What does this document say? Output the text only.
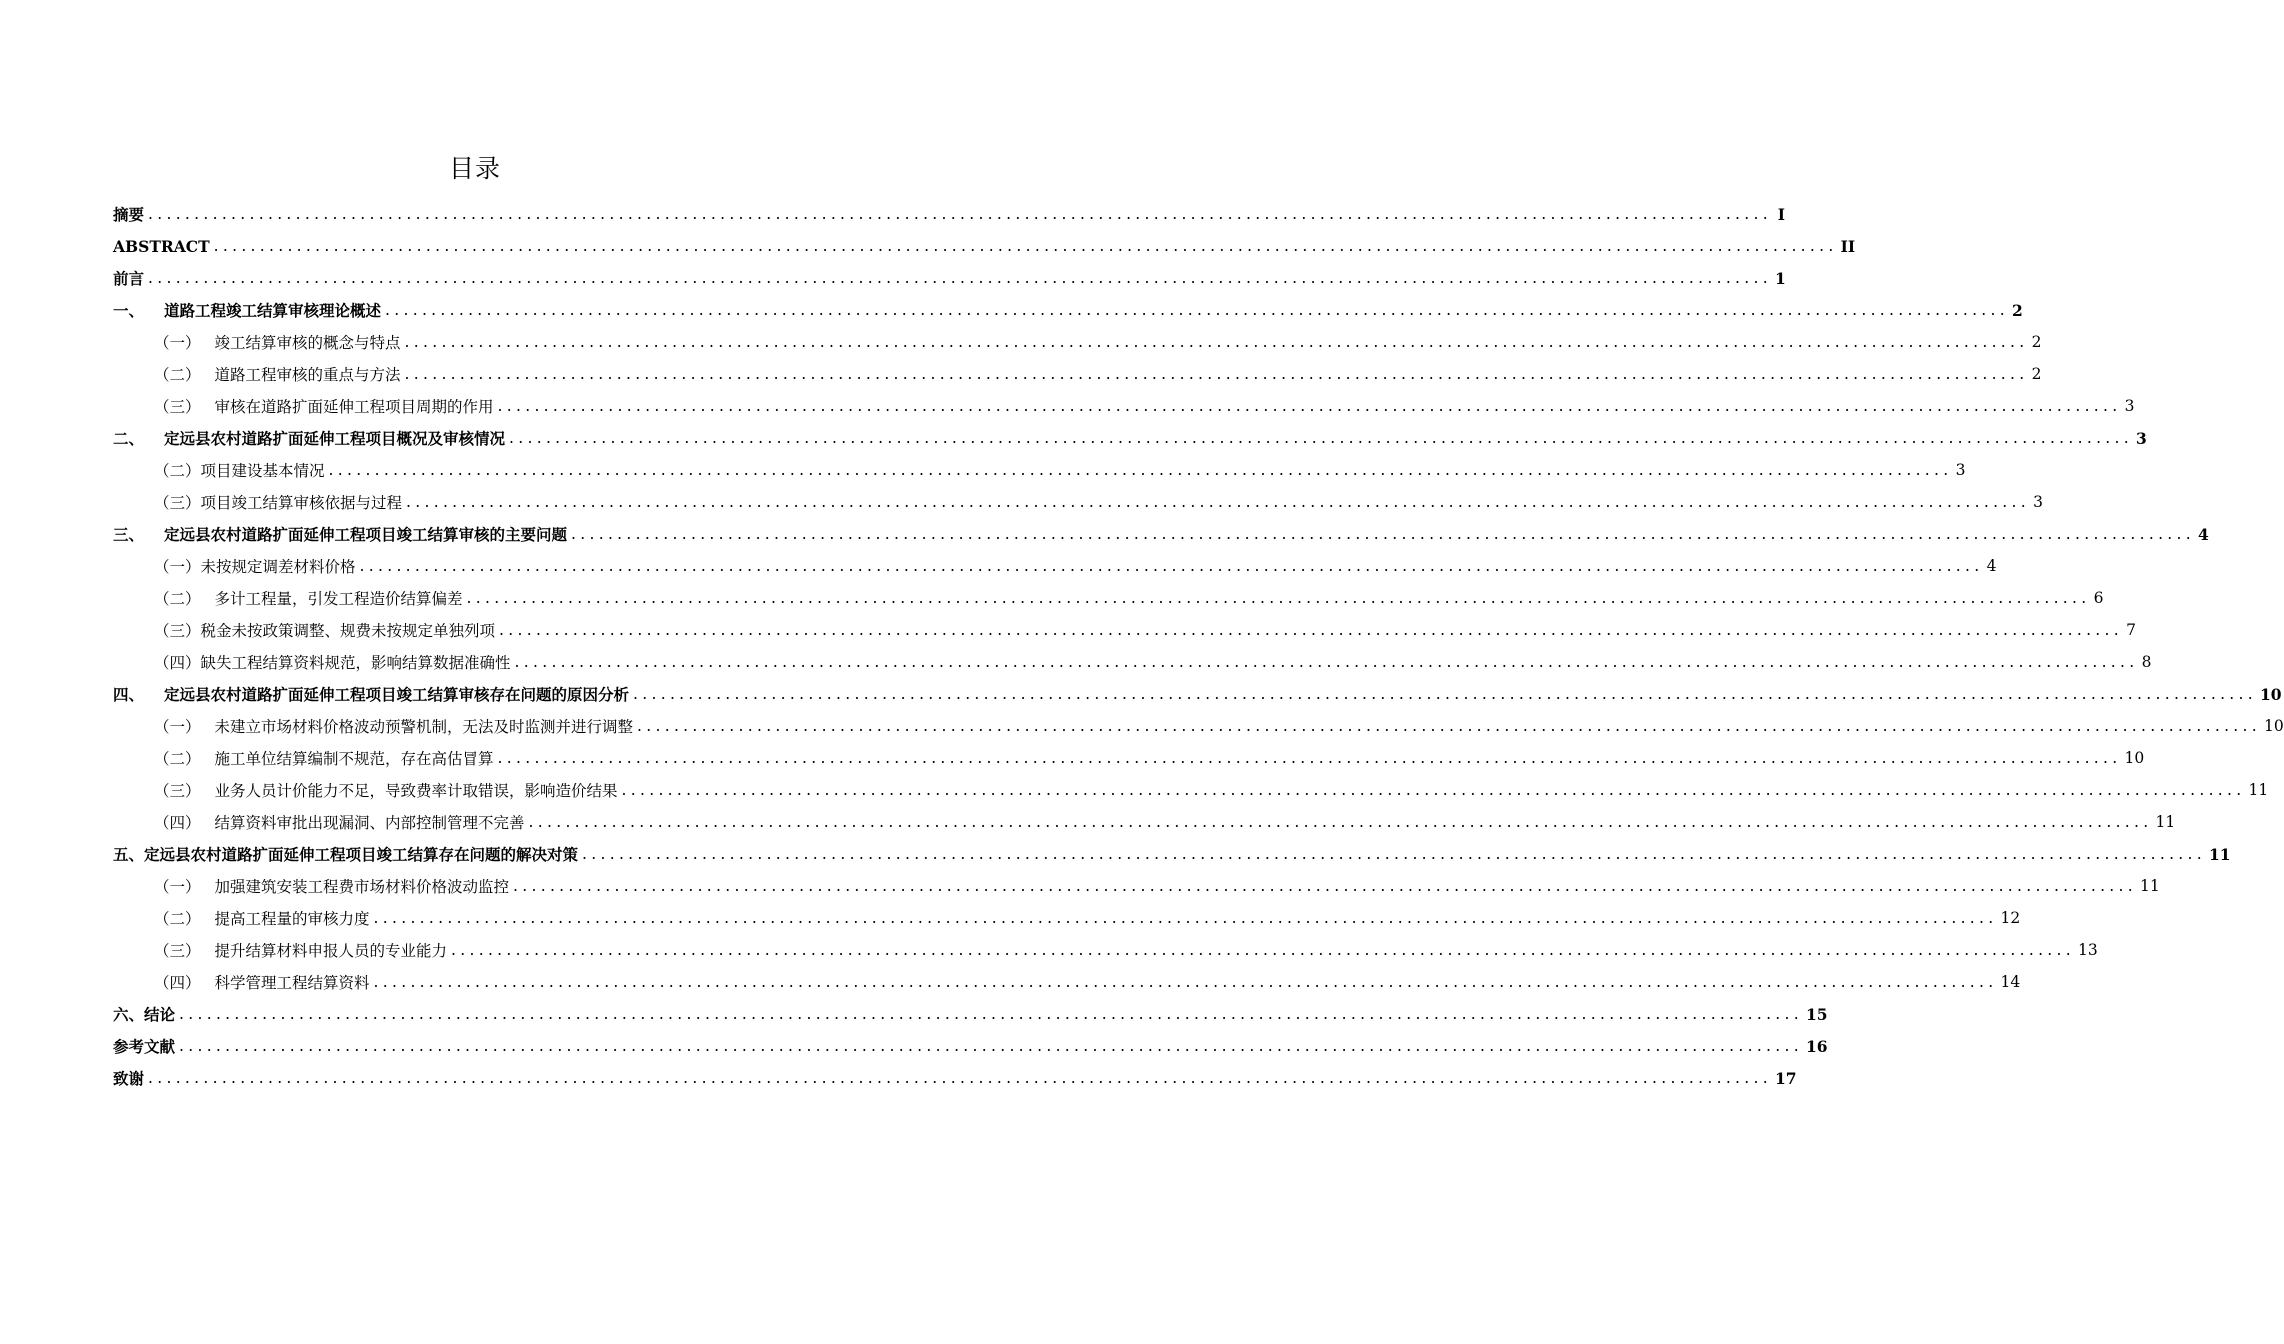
目录
摘要 ................................................................................................................................................................................ I
ABSTRACT ................................................................................................................................................................................ II
前言 ................................................................................................................................................................................ 1
一、 道路工程竣工结算审核理论概述 ................................................................................................................................................................................ 2
（一） 竣工结算审核的概念与特点 ................................................................................................................................................................................ 2
（二） 道路工程审核的重点与方法 ................................................................................................................................................................................ 2
（三） 审核在道路扩面延伸工程项目周期的作用 ................................................................................................................................................................................ 3
二、 定远县农村道路扩面延伸工程项目概况及审核情况 ................................................................................................................................................................................ 3
（二）项目建设基本情况 ................................................................................................................................................................................ 3
（三）项目竣工结算审核依据与过程 ................................................................................................................................................................................ 3
三、 定远县农村道路扩面延伸工程项目竣工结算审核的主要问题 ................................................................................................................................................................................ 4
（一）未按规定调差材料价格 ................................................................................................................................................................................ 4
（二） 多计工程量，引发工程造价结算偏差 ................................................................................................................................................................................ 6
（三）税金未按政策调整、规费未按规定单独列项 ................................................................................................................................................................................ 7
（四）缺失工程结算资料规范，影响结算数据准确性 ................................................................................................................................................................................ 8
四、 定远县农村道路扩面延伸工程项目竣工结算审核存在问题的原因分析 ................................................................................................................................................................................ 10
（一） 未建立市场材料价格波动预警机制，无法及时监测并进行调整 ................................................................................................................................................................................ 10
（二） 施工单位结算编制不规范，存在高估冒算 ................................................................................................................................................................................ 10
（三） 业务人员计价能力不足，导致费率计取错误，影响造价结果 ................................................................................................................................................................................ 11
（四） 结算资料审批出现漏洞、内部控制管理不完善 ................................................................................................................................................................................ 11
五、定远县农村道路扩面延伸工程项目竣工结算存在问题的解决对策 ................................................................................................................................................................................ 11
（一） 加强建筑安装工程费市场材料价格波动监控 ................................................................................................................................................................................ 11
（二） 提高工程量的审核力度 ................................................................................................................................................................................ 12
（三） 提升结算材料申报人员的专业能力 ................................................................................................................................................................................ 13
（四） 科学管理工程结算资料 ................................................................................................................................................................................ 14
六、结论 ................................................................................................................................................................................ 15
参考文献 ................................................................................................................................................................................ 16
致谢 ................................................................................................................................................................................ 17
